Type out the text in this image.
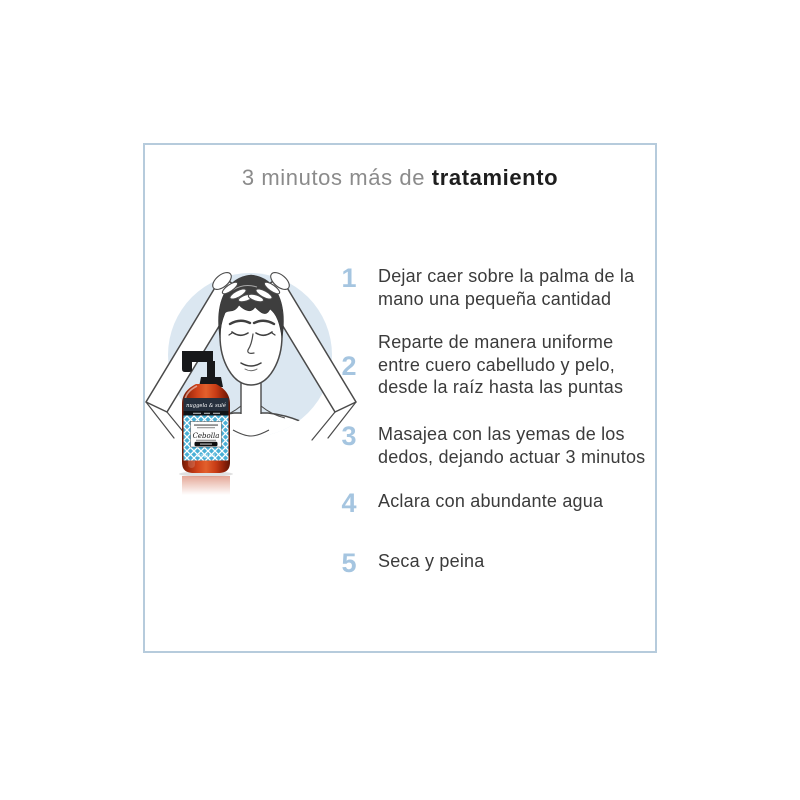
3 minutos más de tratamiento
1	Dejar caer sobre la palma de la
mano una pequeña cantidad
2
Reparte de manera uniforme
entre cuero cabelludo y pelo,
desde la raíz hasta las puntas
3	Masajea con las yemas de los
dedos, dejando actuar 3 minutos
4	Aclara con abundante agua
5	Seca y peina
nuggela & sulé
Cebolla
Original
